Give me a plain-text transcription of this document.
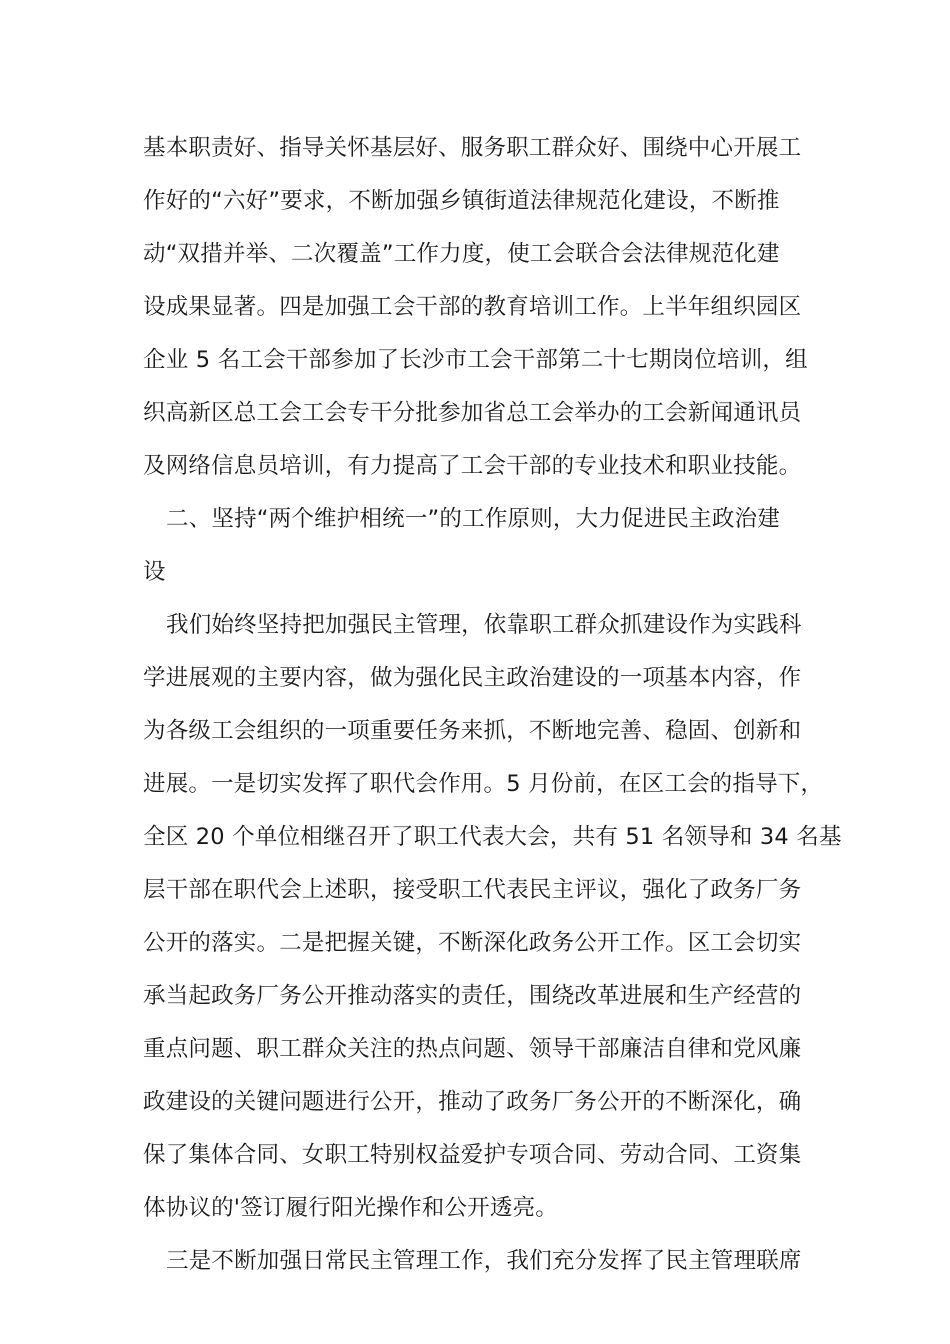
基本职责好、指导关怀基层好、服务职工群众好、围绕中心开展工
作好的“六好”要求，不断加强乡镇街道法律规范化建设，不断推
动“双措并举、二次覆盖”工作力度，使工会联合会法律规范化建
设成果显著。四是加强工会干部的教育培训工作。上半年组织园区
企业 5 名工会干部参加了长沙市工会干部第二十七期岗位培训，组
织高新区总工会工会专干分批参加省总工会举办的工会新闻通讯员
及网络信息员培训，有力提高了工会干部的专业技术和职业技能。
二、坚持“两个维护相统一”的工作原则，大力促进民主政治建
设
我们始终坚持把加强民主管理，依靠职工群众抓建设作为实践科
学进展观的主要内容，做为强化民主政治建设的一项基本内容，作
为各级工会组织的一项重要任务来抓，不断地完善、稳固、创新和
进展。一是切实发挥了职代会作用。5 月份前，在区工会的指导下，
全区 20 个单位相继召开了职工代表大会，共有 51 名领导和 34 名基
层干部在职代会上述职，接受职工代表民主评议，强化了政务厂务
公开的落实。二是把握关键，不断深化政务公开工作。区工会切实
承当起政务厂务公开推动落实的责任，围绕改革进展和生产经营的
重点问题、职工群众关注的热点问题、领导干部廉洁自律和党风廉
政建设的关键问题进行公开，推动了政务厂务公开的不断深化，确
保了集体合同、女职工特别权益爱护专项合同、劳动合同、工资集
体协议的'签订履行阳光操作和公开透亮。
三是不断加强日常民主管理工作，我们充分发挥了民主管理联席
